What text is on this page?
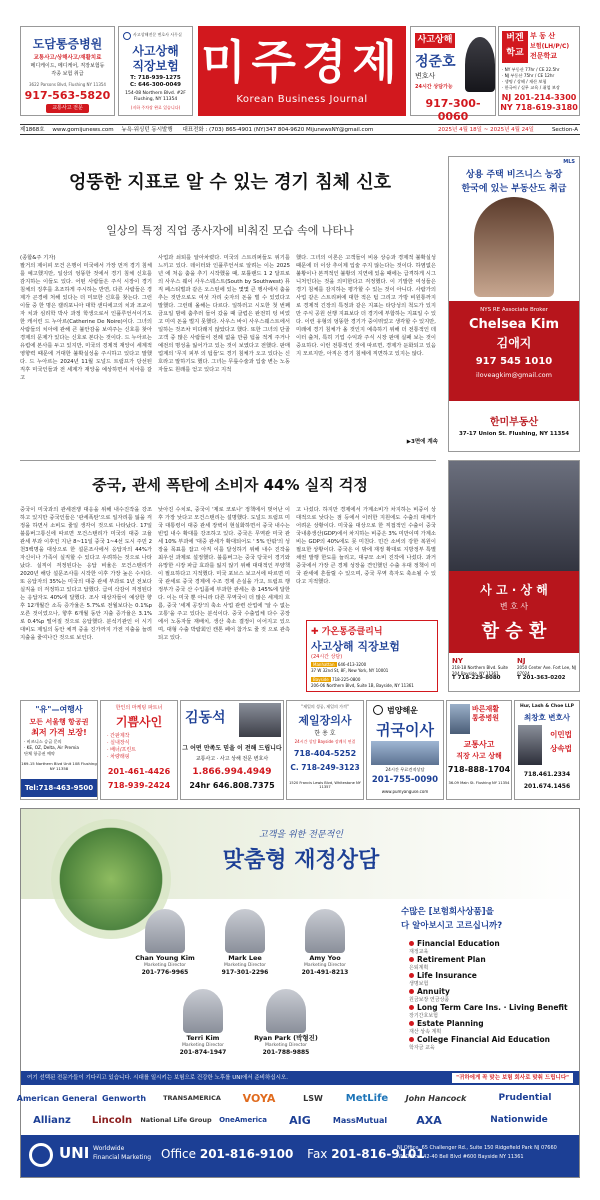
도담통증병원
교통사고/상해사고/재활치료
메디케이드, 메디케어, 직장보험등
각종 보험 취급
3622 Parsons Blvd, Flushing NY 11354
917-563-5820
교통사고 전문
사고상해전문 변호사 사무실
사고상해
직장보험
T: 718-939-1275
C: 646-300-0049
154-08 Northern Blvd. #2F
Flushing, NY 11354
(지하 주차장 완료 있습니다)
미주경제
Korean Business Journal
사고상해
정준호
변호사
24시간 상담가능
917-300-0060
버겐
학교
부 동 산
보험(LH/P/C)
전문학교
· NY 부동산 77hr / CE 22.5hr
· NJ 부동산 75hr / CE 12hr
· 생명 / 상해 / 재산 보험
· 한국어 / 실무 교육 / 취업 보장
NJ 201-214-3300
NY 718-619-3180
제1868호 www.gomijunews.com 뉴욕·워싱턴 동시발행 대표전화 : (703) 865-4901 (NY)347 804-9620 MijunewsNY@gmail.com	2025년 4월 18일 ~ 2025년 4월 24일	Section-A
엉뚱한 지표로 알 수 있는 경기 침체 신호
일상의 특정 직업 종사자에 비춰진 모습 속에 나타나
(종합&주 기자)
팔거의 제이피 모건 은행이 미국에서 가장 먼저 경기 침체를 예고했지만, 일상의 엉뚱한 것에서 경기 침체 신호를 감지하는 이들도 있다. 어떤 사람들은 주식 시장이 경기 침체의 징후를 초조하게 주시하는 반면, 다른 사람들은 경제가 곤경에 처해 있다는 더 미묘한 신호를 찾는다. 그런 이들 중 한 명은 캘리포니아 대학 샌디에고의 치과 조교이자 치과 심리학 박사 과정 학생으로서 인플루언서이기도 한 캐서린 드 누아르(Catherine De Noire)이다. 그녀의 사람들의 치아에 관해 큰 불안감을 보여주는 신호를 찾아 경제의 문제가 있다는 신호로 본다는 것이다. 드 누아르는 유럽에 본사를 두고 있지만, 미국의 경제적 재앙이 세계적 영향력 때문에 거대한 불확실성을 주시하고 있다고 말했다. 드 누아르는 2024년 11월 도널드 트럼프가 당선된 직후 미국인들과 전 세계가 재앙을 예상하면서 치아를 갈고
사업과 쇠퇴를 알아차렸다. 미국의 스트리퍼들도 위기를 느끼고 있다. 데이터와 인플루언서로 알려는 이는 2025년 에 처음 춤을 추기 시작했을 때, 포틀랜드 1 2 달프로의 사우스 웨이 사우스웨스트(South by Southwest) 뮤직 페스티벌과 같은 오스틴에 있는 몇몇 큰 행사에서 춤을 추는 것만으로도 여섯 자리 숫자의 돈을 벌 수 있었다고 말했다. 그런데 올해는 다르다. 일하러고 시도한 첫 번째 금요일 밤에 춤추러 들어 갔을 때 클럽은 완전히 텅 비었고 미여 돈을 벌지 못했다. 사우스 바이 사우스웨스트에서 일하는 것조차 미다래지 않았다고 했다. 또한 그녀의 단골 고객 중 많은 사람들이 전례 없을 만큼 팁을 적게 주거나 예전의 명성을 잃어가고 있는 것이 보였다고 전했다. 판매 업계의 '무지 피부 의 팁들'도 경기 침체가 오고 있다는 신호라고 말하기도 했다. 그녀는 무릎수술과 입술 변는 노동자들도 원래를 얻고 있다고 지적
했다. 그녀의 이론은 고객들이 비용 상승과 경제적 불확실성 때문에 더 이상 추이제 입술 주지 않는다는 것이다. 하염없은 불황이나 본격적인 불황의 지연에 있을 때에는 급격하게 시그니처인다는 것을 의미한다고 걱정했다. 이 기발한 여성들은 경기 침체를 감지하는 평가할 수 있는 것이 아니다. 사람가의 사업 같은 스트리퍼에 대한 적은 팁 그리고 가방 비원통까지로 경제적 긴장의 특정과 같은 지표는 타당성의 척도가 있지만 주식 공원 선행 지표보다 더 경기에 부합하는 지표일 수 있다. 이런 유형의 엉뚱한 경기가 중이뛰었고 생각할 수 있지만, 미래에 경기 침체가 올 것인지 예측하기 위해 더 전통적인 데이터 출처, 특히 기업 수익과 주식 시장 판매 실패 보는 것이 중요하다. 이런 전통적인 것에 따르면, 경제가 둔화되고 있음지 모르지만, 아직은 경기 침체에 직면하고 있지는 않다.
▶3면에 계속
MLS
상용 주택 비즈니스 농장
한국에 있는 부동산도 취급
NYS RE Associate Broker
Chelsea Kim
김애지
917 545 1010
iloveagkim@gmail.com
한미부동산
37-17 Union St. Flushing, NY 11354
중국, 관세 폭탄에 소비자 44% 실직 걱정
중국이 미국과의 관세전쟁 대응을 위해 내수진작을 강조하고 있지만 중국인들은 '관세폭탄'으로 일자리를 잃을 걱정을 하면서 소비도 줄일 생각이 것으로 나타났다. 17일 블룸버그통신에 따르면 모건스탠리가 미국의 대중 고율 관세 부과 이후인 지난 8~11일 중국 1~4선 도시 주민 2천3백명을 대상으로 한 설문조사에서 응답자의 44%가 자신이나 가족이 실직할 수 있다고 우려하는 것으로 나타났다. 실직이 걱정된다는 응답 비율은 모건스탠리가 2020년 해당 설문조사를 시작한 이후 가장 높은 수치다. 또 응답자의 35%는 미국의 대중 관세 부과로 1년 전보다 실직을 더 걱정하고 있다고 답했다. 급여 삭감이 걱정된다는 응답자도 40%에 달했다. 조사 대상자들이 예상한 향후 12개월간 소득 증가율은 5.7%로 전월보다는 0.1%p 오른 것이었으나, 향후 6개월 동안 지출 증가율은 3.1%로 0.4%p 떨어질 것으로 응답했다. 분석기관인 이 시기 대비도 제일의 동안 체격 중을 진가까지 가전 지출을 늘려 지출을 줄여나간 것으로 보인다.
낮아진 수치로, 중국이 '제로 코로나' 정책에서 벗어난 이후 가장 낮다고 모건스탠리는 설명했다. 도널드 트럼프 미국 대통령이 대중 관세 장벽이 현실화하면서 중국 내수는 빈업 내수 확대를 강조하고 있다. 중국은 무역관 미국 관세 10% 부과에 '대중 관세가 확대되어도 ' 5% 안팎'의 성장을 목표를 잡고 아직 이를 달성하기 위해 내수 진작을 최우선 과제로 설정했다. 블룸버그는 중국 당국이 경기와 유망한 시장 파급 효과를 잃지 않기 위해 대대적인 부양책이 필요하다고 지적했다. 미국 포브스 보고서에 따르면 미국 관세로 중국 경제에 수조 경제 손실을 가고, 트럼프 행정부가 중국 산 수입품에 부과한 관세는 총 145%에 달한다. 이는 미국 뿐 아니라 다른 무역국이 더 많은 세계의 흐름, 중국 '세계 공장'의 축소 사업 관련 산업에 '알 수 없는 고통'을 주고 있다는 분석이다. 중국 수출업체 다수 공장에서 노동자들 재배치, 생산 축소 결정이 이어지고 있으며, 대형 수출 박람회인 캔톤 페어 참가도 줄 것 으로 관측 되고 있다.
고 나섰다. 하지만 경제에서 가계소비가 차지하는 비중이 상대적으로 낮다는 점 등에서 이러한 지원에도 수출의 대체가 어려운 상황이다. 미국을 대상으로 한 직접적인 수출이 중국 국내총생산(GDP)에서 차지하는 비중은 3% 미만이며 가계소비는 GDP의 40%에도 못 미친다. 민간 소비의 강한 복원이 필요한 상황이다. 중국은 이 밖에 재정 확대로 지방정부 특별채권 발행 한도를 늘리고, 대규모 소비 진작에 나섰다. 과거 중국에서 가장 큰 경제 성장을 견인했던 수출 우대 정책이 미국 관세에 흔들릴 수 있으며, 중국 무역 흑자도 축소될 수 있다고 지적했다.
✚ 가온통증클리닉
사고상해 직장보험
(24시간 상담)
Manhattan 646-413-3200
37 W 32nd St, 8F, New York, NY 10001
Bayside 718-225-0800
206-06 Northern Blvd, Suite 1B, Bayside, NY 11361
사 고 · 상 해
변 호 사
함 승 환
NY
218-18 Northern Blvd. Suite 204 Bayside, NY 11361
T 718-229-8080
NJ
2050 Center Ave. Fort Lee, NJ 07024
T 201-363-0202
"유"—여행사
모든 서울행 항공권
최저 가격 보장!
· 비즈니스 승급 문의
· KE, OZ, Delta, Air Premia
단체 항공권 예약
169-15 Northern Blvd Unit 108 Flushing NY 11358
Tel:718-463-9500
한인의 마케팅 파트너
기쁨사인
· 간판제작
· 실내장식
· 배너/프린트
· 차량래핑
201-461-4426
718-939-2424
김동석
그 어떤 만족도 믿을 이 전해 드립니다
교통사고 · 사고 상해 전문 변호사
1.866.994.4949
24hr 646.808.7375
"제일의 성공, 제일의 가격"
제일장의사
한 용 호
24시간 상담 Bayside 장례식 연결
718-404-5252
C. 718-249-3123
1520 Francis Lewis Blvd, Whitestone NY 11357
범양해운
귀국이사
24시간 무료견적상담
201-755-0090
www.pumyanguse.com
바른재활
통증병원
교통사고
직장 사고 상해
718-888-1704
36-09 Main St. Flushing NY 11354
Hur, Lash & Choe LLP
최창호 변호사
이민법
상속법
718.461.2334
201.674.1456
고객을 위한 전문적인
맞춤형 재정상담
수많은 [보험회사상품]을
다 알아보시고 고르십니까?
Financial Education
재정교육
Retirement Plan
은퇴계획
Life Insurance
생명보험
Annuity
원금보장 연금상품
Long Term Care Ins. · Living Benefit
장기간호보험
Estate Planning
재산 상속 계획
College Financial Aid Education
학자금 교육
Chan Young Kim
Marketing Director
201-776-9965
Mark Lee
Marketing Director
917-301-2296
Amy Yoo
Marketing Director
201-491-8213
Terri Kim
Marketing Director
201-874-1947
Ryan Park (박형진)
Marketing Director
201-788-9885
여기 선택된 전문가들이 기다리고 있습니다. 시대를 일시키는 보험으로 건강한 노후를 UNI에서 준비하십시오.	"귀하에게 꼭 맞는 보험 회사로 맞춰 드립니다"
American General Genworth	TRANSAMERICA	VOYA	LSW	MetLife	John Hancock	Prudential
Allianz	Lincoln	National Life Group	OneAmerica	AIG	MassMutual	AXA	Nationwide
UNI Worldwide
Financial Marketing Office 201-816-9100 Fax 201-816-9101
NJ Office. 65 Challenger Rd., Suite 150 Ridgefield Park NJ 07660
NY Office. 42-40 Bell Blvd #600 Bayside NY 11361
